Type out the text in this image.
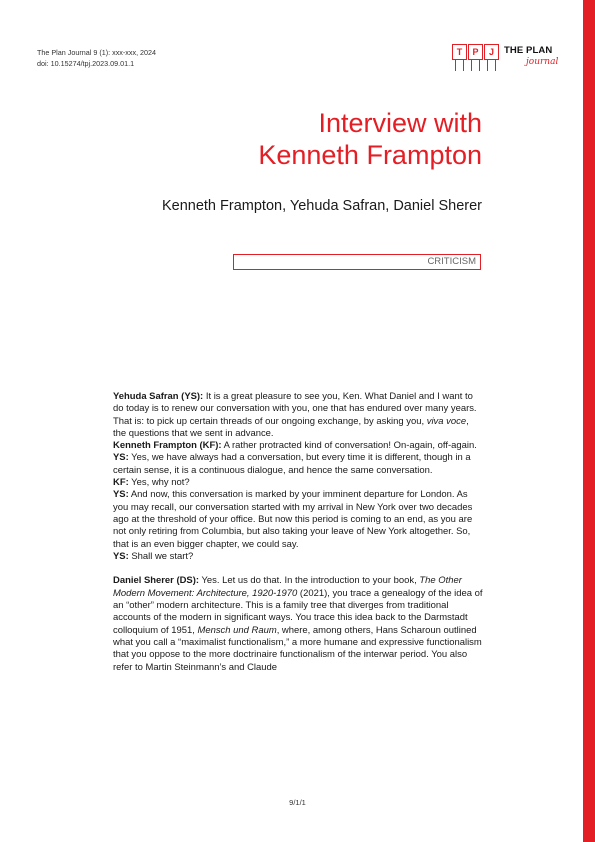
The Plan Journal 9 (1): xxx-xxx, 2024
doi: 10.15274/tpj.2023.09.01.1
T	P	J	THE PLAN
journal
Interview with
Kenneth Frampton
Kenneth Frampton, Yehuda Safran, Daniel Sherer
CRITICISM

Yehuda Safran (YS): It is a great pleasure to see you, Ken. What Daniel and I want to do today is to renew our conversation with you, one that has endured over many years. That is: to pick up certain threads of our ongoing exchange, by asking you, viva voce, the questions that we sent in advance.

Kenneth Frampton (KF): A rather protracted kind of conversation! On-again, off-again.

YS: Yes, we have always had a conversation, but every time it is different, though in a certain sense, it is a continuous dialogue, and hence the same conversation.

KF: Yes, why not?

YS: And now, this conversation is marked by your imminent departure for London. As you may recall, our conversation started with my arrival in New York over two decades ago at the threshold of your office. But now this period is coming to an end, as you are not only retiring from Columbia, but also taking your leave of New York altogether. So, that is an even bigger chapter, we could say.

YS: Shall we start?

Daniel Sherer (DS): Yes. Let us do that. In the introduction to your book, The Other Modern Movement: Architecture, 1920-1970 (2021), you trace a genealogy of the idea of an “other” modern architecture. This is a family tree that diverges from traditional accounts of the modern in significant ways. You trace this idea back to the Darmstadt colloquium of 1951, Mensch und Raum, where, among others, Hans Scharoun outlined what you call a “maximalist functionalism,” a more humane and expressive functionalism that you oppose to the more doctrinaire functionalism of the interwar period. You also refer to Martin Steinmann’s and Claude

9/1/1
